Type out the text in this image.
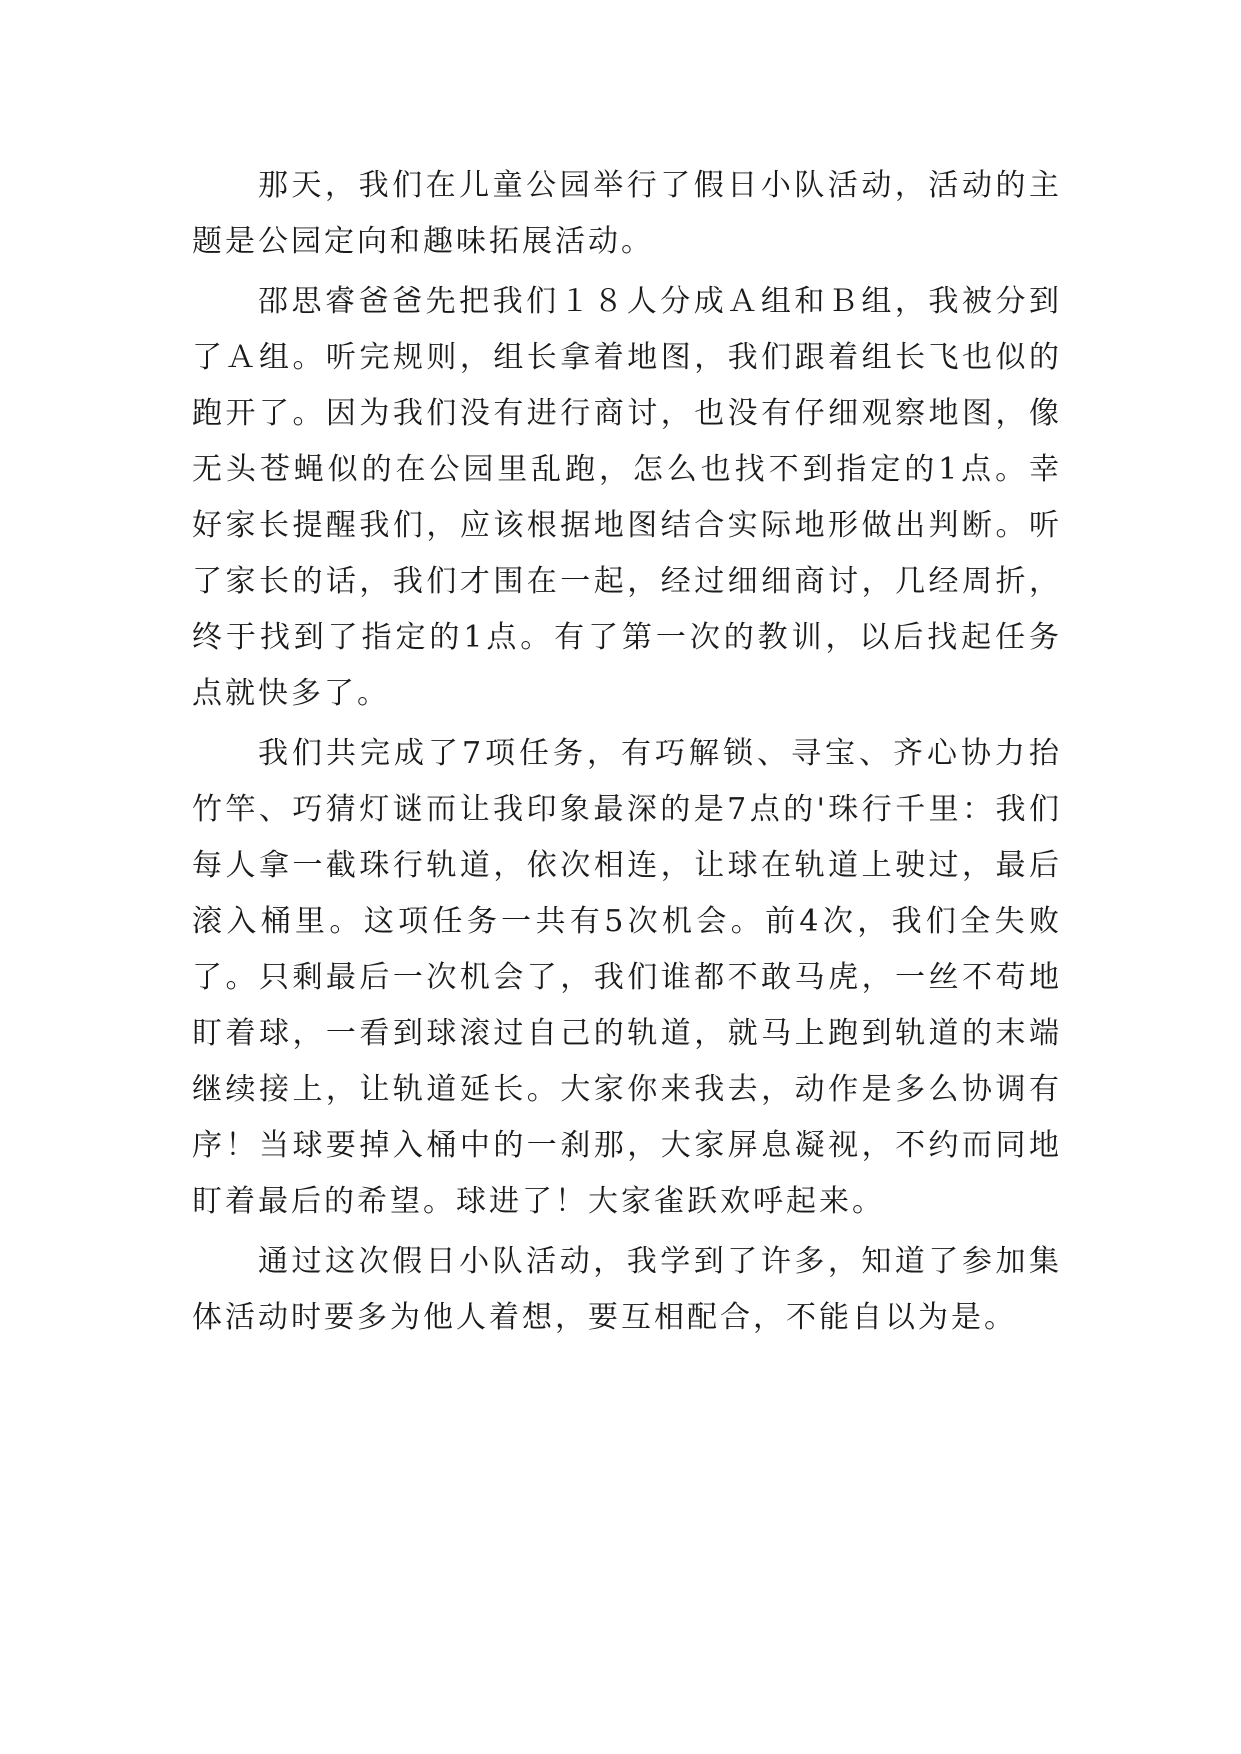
那天，我们在儿童公园举行了假日小队活动，活动的主题是公园定向和趣味拓展活动。

邵思睿爸爸先把我们１８人分成Ａ组和Ｂ组，我被分到了Ａ组。听完规则，组长拿着地图，我们跟着组长飞也似的跑开了。因为我们没有进行商讨，也没有仔细观察地图，像无头苍蝇似的在公园里乱跑，怎么也找不到指定的1点。幸好家长提醒我们，应该根据地图结合实际地形做出判断。听了家长的话，我们才围在一起，经过细细商讨，几经周折，终于找到了指定的1点。有了第一次的教训，以后找起任务点就快多了。

我们共完成了7项任务，有巧解锁、寻宝、齐心协力抬竹竿、巧猜灯谜而让我印象最深的是7点的'珠行千里：我们每人拿一截珠行轨道，依次相连，让球在轨道上驶过，最后滚入桶里。这项任务一共有5次机会。前4次，我们全失败了。只剩最后一次机会了，我们谁都不敢马虎，一丝不苟地盯着球，一看到球滚过自己的轨道，就马上跑到轨道的末端继续接上，让轨道延长。大家你来我去，动作是多么协调有序！当球要掉入桶中的一刹那，大家屏息凝视，不约而同地盯着最后的希望。球进了！大家雀跃欢呼起来。

通过这次假日小队活动，我学到了许多，知道了参加集体活动时要多为他人着想，要互相配合，不能自以为是。
